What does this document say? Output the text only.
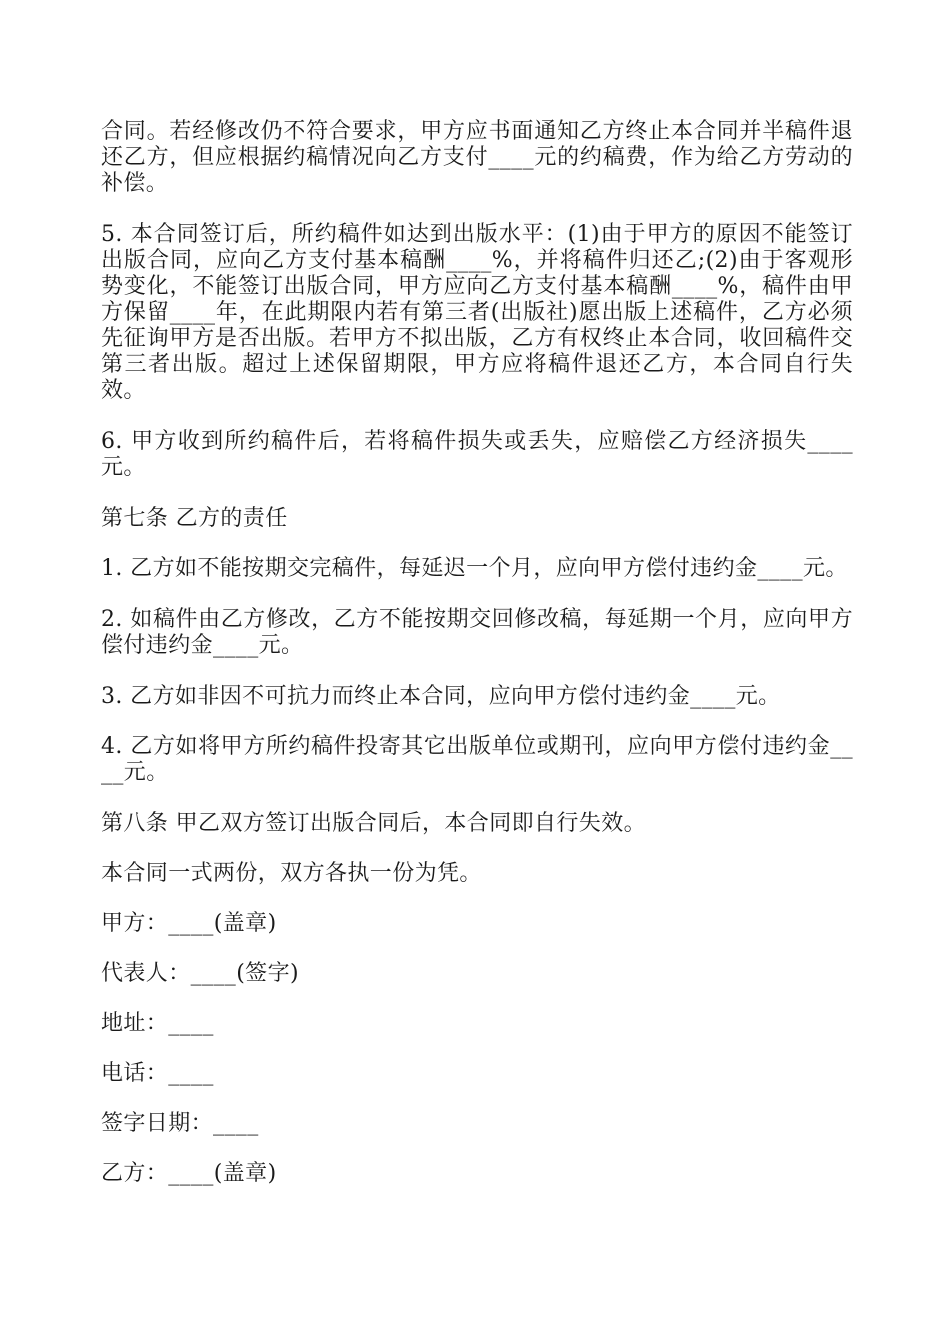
合同。若经修改仍不符合要求，甲方应书面通知乙方终止本合同并半稿件退还乙方，但应根据约稿情况向乙方支付____元的约稿费，作为给乙方劳动的补偿。

5. 本合同签订后，所约稿件如达到出版水平：(1)由于甲方的原因不能签订出版合同，应向乙方支付基本稿酬____%，并将稿件归还乙;(2)由于客观形势变化，不能签订出版合同，甲方应向乙方支付基本稿酬____%，稿件由甲方保留____年，在此期限内若有第三者(出版社)愿出版上述稿件，乙方必须先征询甲方是否出版。若甲方不拟出版，乙方有权终止本合同，收回稿件交第三者出版。超过上述保留期限，甲方应将稿件退还乙方，本合同自行失效。

6. 甲方收到所约稿件后，若将稿件损失或丢失，应赔偿乙方经济损失____元。

第七条 乙方的责任

1. 乙方如不能按期交完稿件，每延迟一个月，应向甲方偿付违约金____元。

2. 如稿件由乙方修改，乙方不能按期交回修改稿，每延期一个月，应向甲方偿付违约金____元。

3. 乙方如非因不可抗力而终止本合同，应向甲方偿付违约金____元。

4. 乙方如将甲方所约稿件投寄其它出版单位或期刊，应向甲方偿付违约金____元。

第八条 甲乙双方签订出版合同后，本合同即自行失效。

本合同一式两份，双方各执一份为凭。

甲方：____(盖章)

代表人：____(签字)

地址：____

电话：____

签字日期：____

乙方：____(盖章)
